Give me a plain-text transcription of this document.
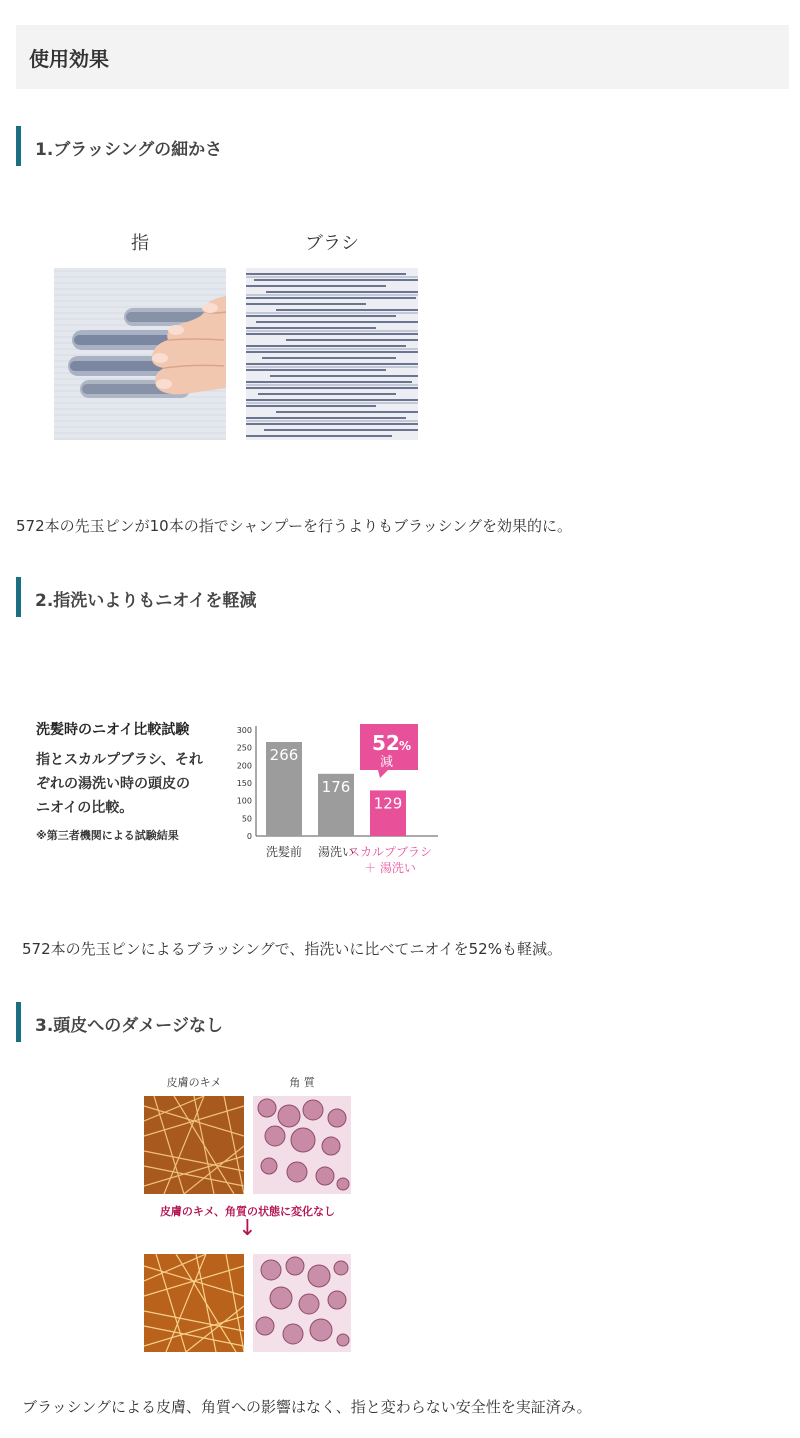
使用効果
1.ブラッシングの細かさ
指	ブラシ
572本の先玉ピンが10本の指でシャンプーを行うよりもブラッシングを効果的に。
2.指洗いよりもニオイを軽減
洗髪時のニオイ比較試験
指とスカルプブラシ、それ
ぞれの湯洗い時の頭皮の
ニオイの比較。
※第三者機関による試験結果	0
50
100
150
200
250
300
266
176
129
洗髪前 湯洗い
スカルプブラシ
＋ 湯洗い
52 %
減
572本の先玉ピンによるブラッシングで、指洗いに比べてニオイを52%も軽減。
3.頭皮へのダメージなし
皮膚のキメ	角 質
皮膚のキメ、角質の状態に変化なし
↓
ブラッシングによる皮膚、角質への影響はなく、指と変わらない安全性を実証済み。
